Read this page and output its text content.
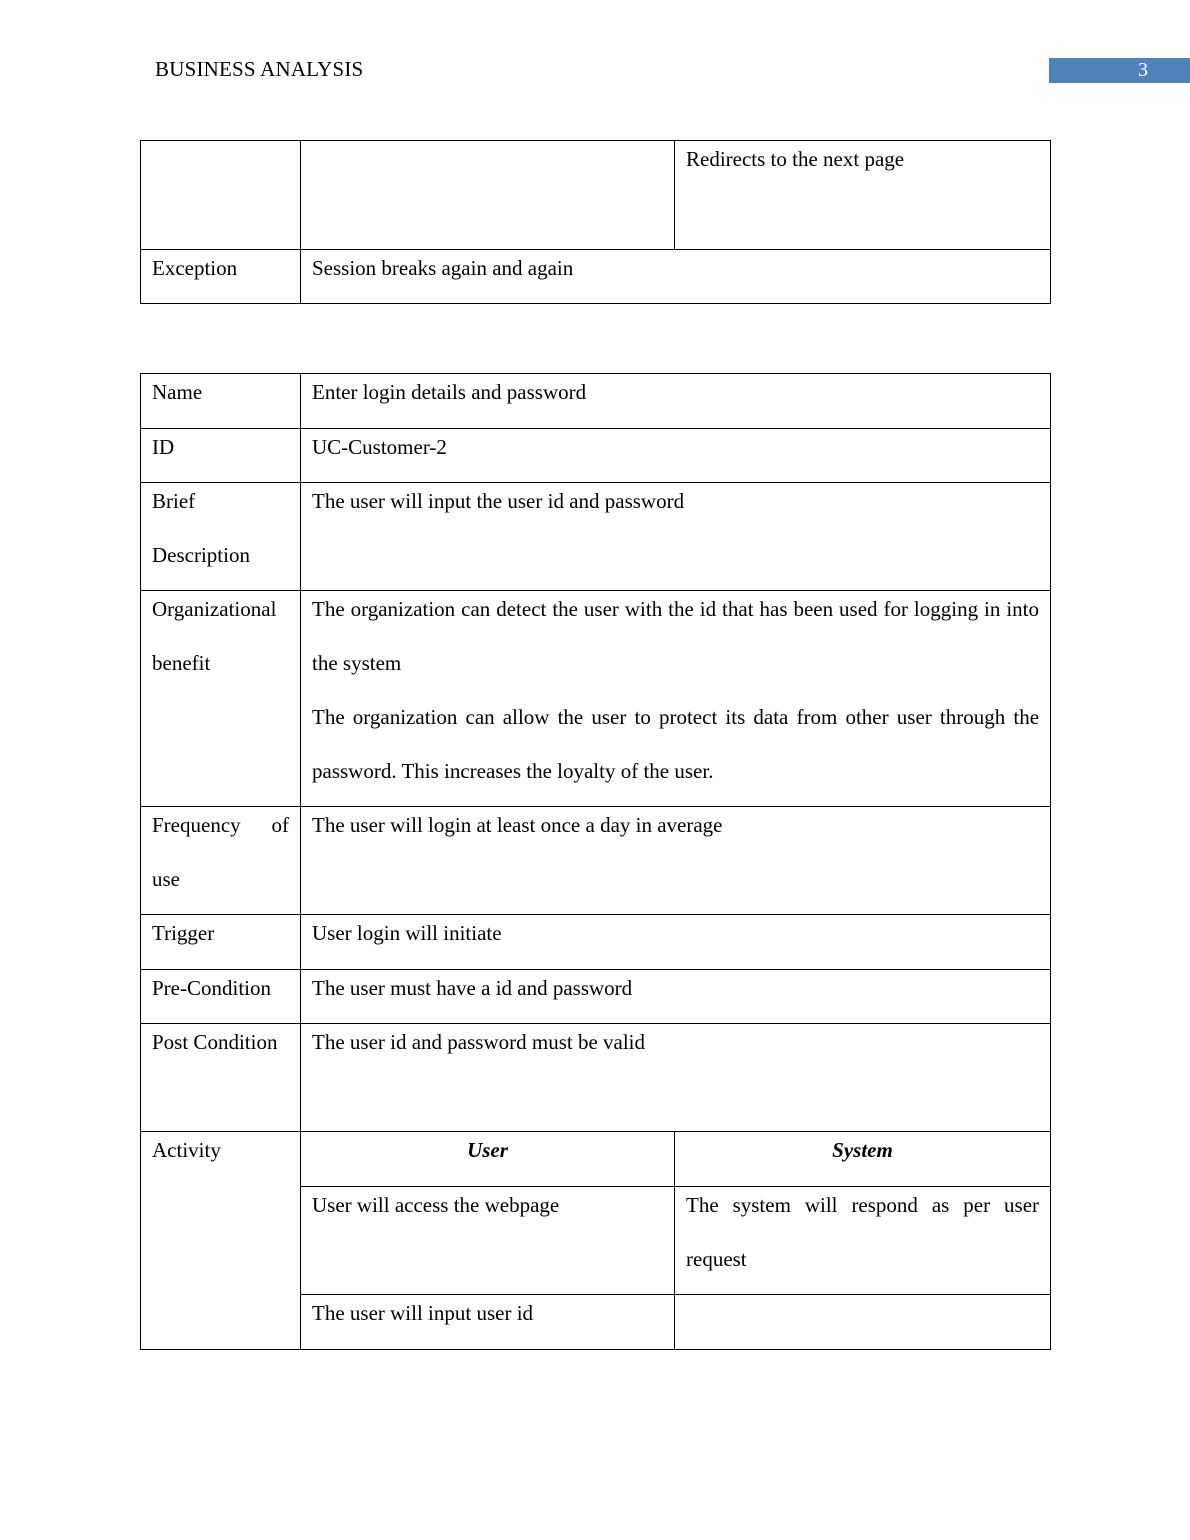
BUSINESS ANALYSIS	3

		Redirects to the next page

Exception	Session breaks again and again	
Name	Enter login details and password	

ID	UC-Customer-2	

Brief Description	The user will input the user id and password	

Organizational benefit	The organization can detect the user with the id that has been used for logging in into the system
The organization can allow the user to protect its data from other user through the password. This increases the loyalty of the user.	

Frequency of use	The user will login at least once a day in average	

Trigger	User login will initiate	

Pre-Condition	The user must have a id and password	

Post Condition	The user id and password must be valid	

Activity	User	System

	User will access the webpage	The system will respond as per user request

	The user will input user id	
